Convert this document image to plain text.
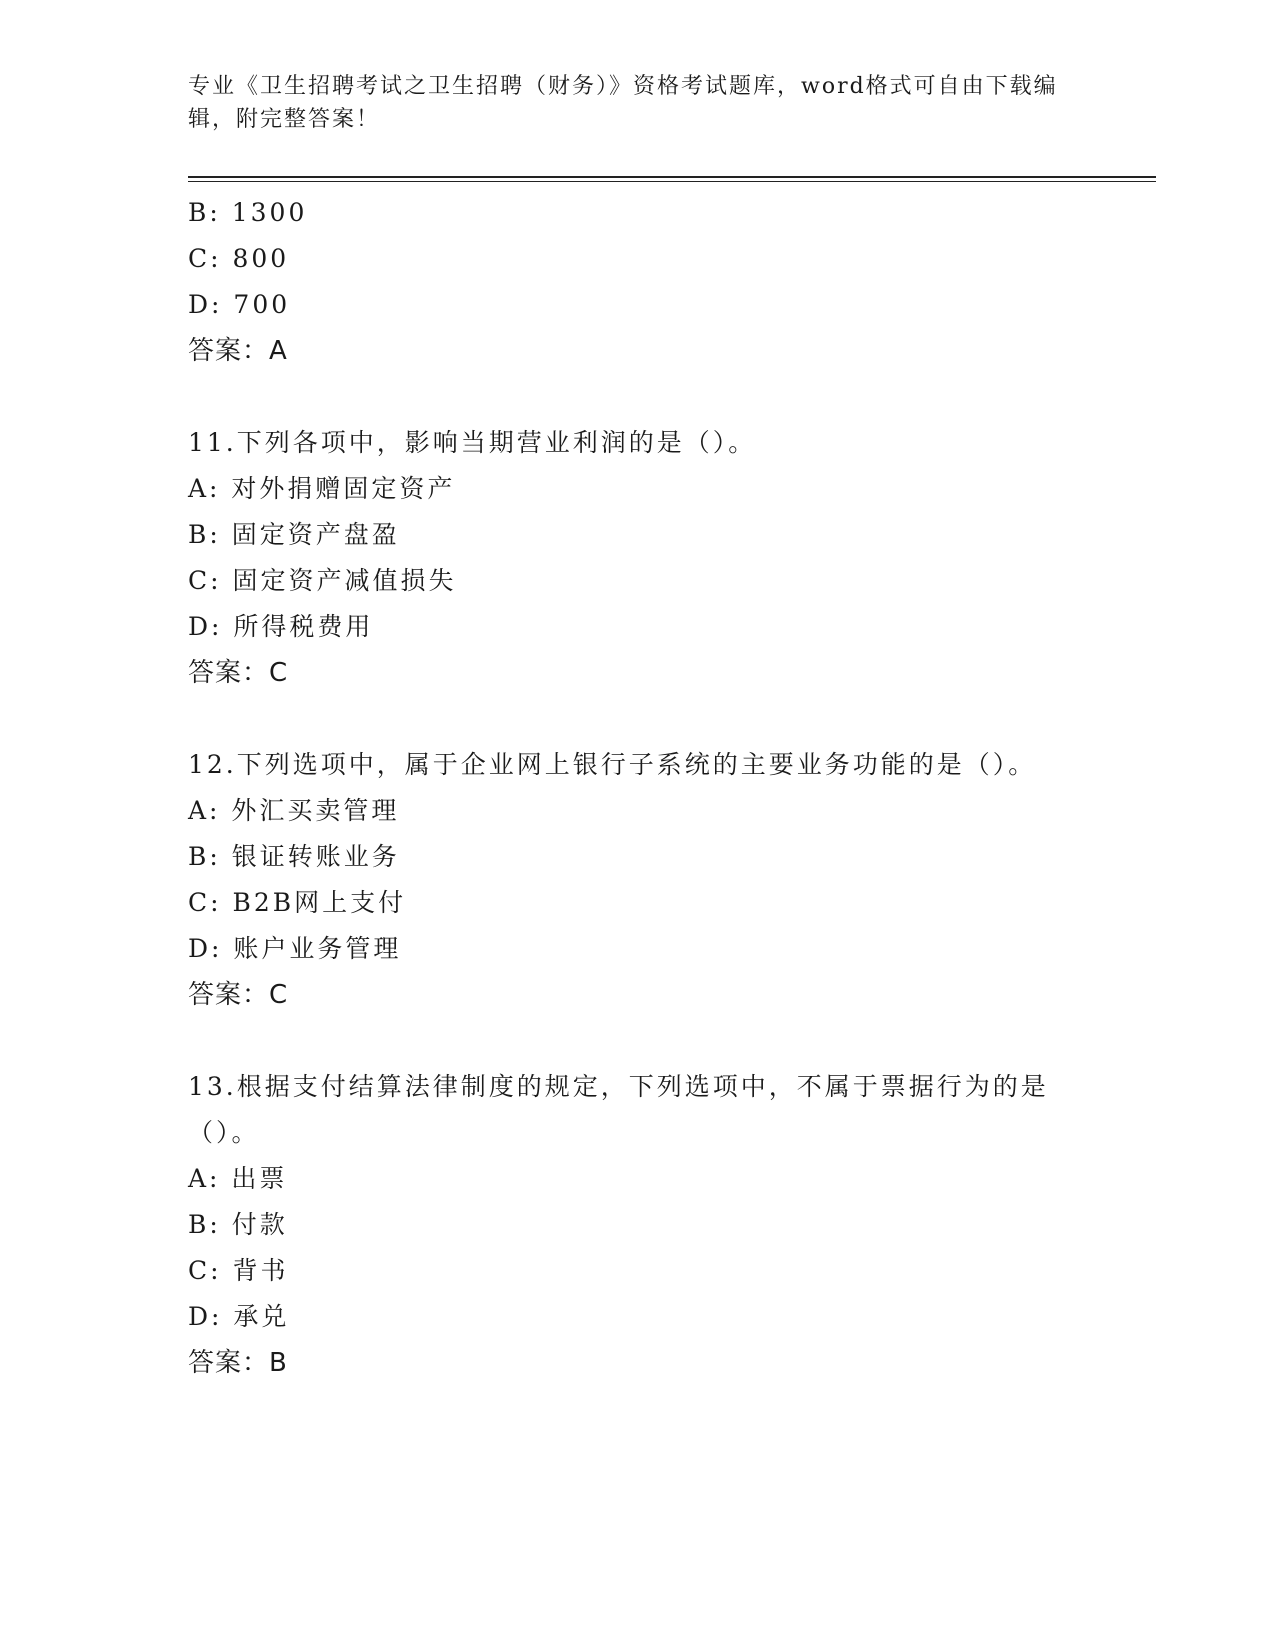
专业《卫生招聘考试之卫生招聘（财务）》资格考试题库，word格式可自由下载编辑，附完整答案！
B: 1300
C: 800
D: 700
答案：A
11.下列各项中，影响当期营业利润的是（）。
A: 对外捐赠固定资产
B: 固定资产盘盈
C: 固定资产减值损失
D: 所得税费用
答案：C
12.下列选项中，属于企业网上银行子系统的主要业务功能的是（）。
A: 外汇买卖管理
B: 银证转账业务
C: B2B网上支付
D: 账户业务管理
答案：C
13.根据支付结算法律制度的规定，下列选项中，不属于票据行为的是（）。
A: 出票
B: 付款
C: 背书
D: 承兑
答案：B
